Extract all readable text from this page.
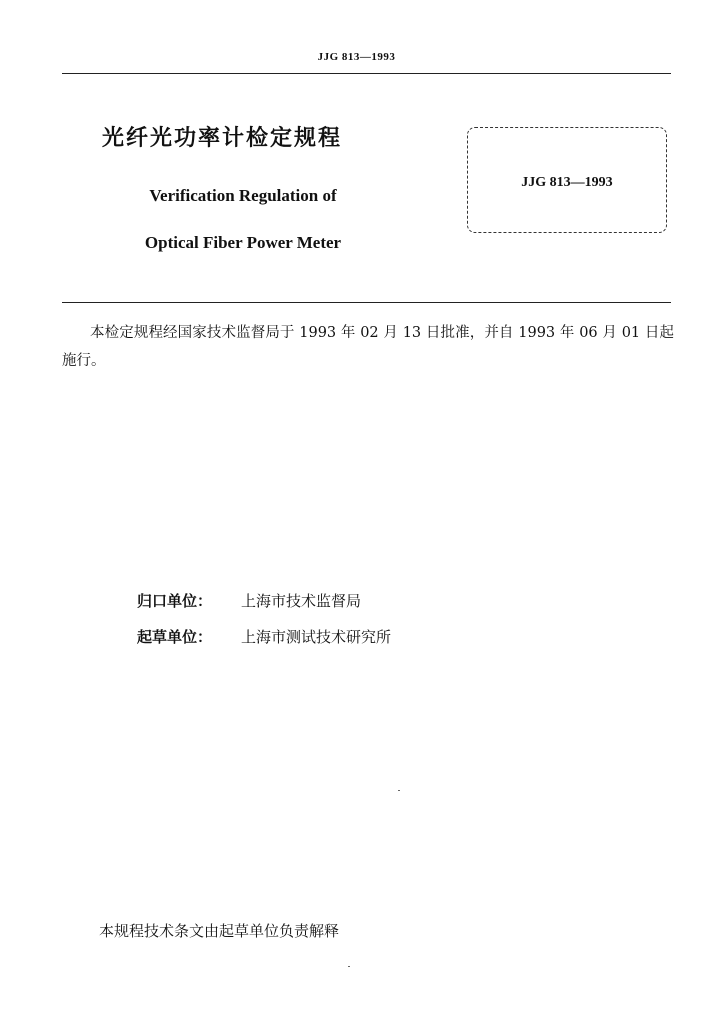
JJG 813—1993
光纤光功率计检定规程
Verification Regulation of
Optical Fiber Power Meter
JJG 813—1993
本检定规程经国家技术监督局于 1993 年 02 月 13 日批准，并自 1993 年 06 月 01 日起施行。
归口单位： 上海市技术监督局
起草单位： 上海市测试技术研究所
本规程技术条文由起草单位负责解释
